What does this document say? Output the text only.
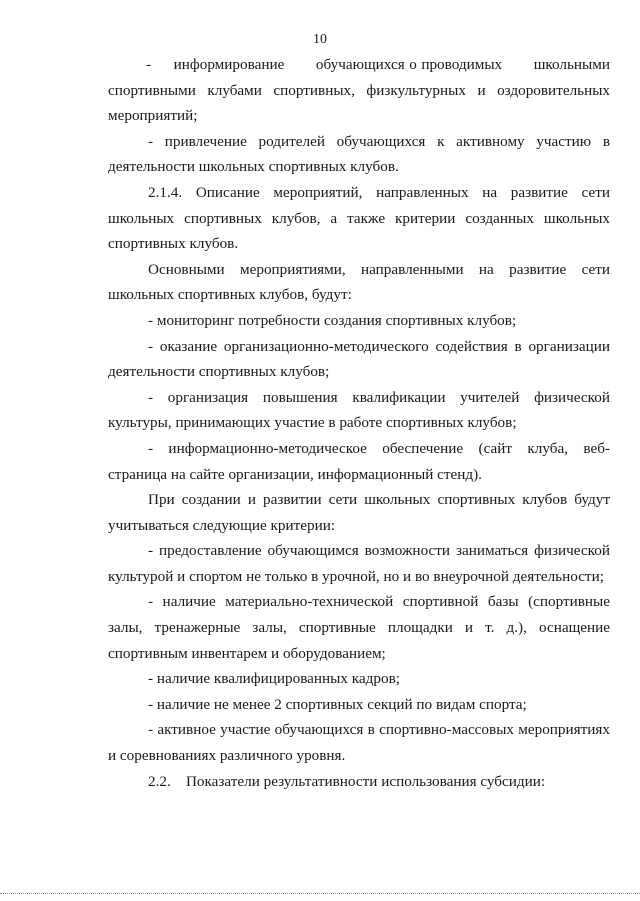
10

-     информирование       обучающихся о проводимых       школьными спортивными клубами спортивных, физкультурных и оздоровительных мероприятий;

- привлечение родителей обучающихся к активному участию в деятельности школьных спортивных клубов.

2.1.4. Описание мероприятий, направленных на развитие сети школьных спортивных клубов, а также критерии созданных школьных спортивных клубов.

Основными мероприятиями, направленными на развитие сети школьных спортивных клубов, будут:

- мониторинг потребности создания спортивных клубов;

- оказание организационно-методического содействия в организации деятельности спортивных клубов;

- организация повышения квалификации учителей физической культуры, принимающих участие в работе спортивных клубов;

- информационно-методическое обеспечение (сайт клуба, веб-страница на сайте организации, информационный стенд).

При создании и развитии сети школьных спортивных клубов будут учитываться следующие критерии:

- предоставление обучающимся возможности заниматься физической культурой и спортом не только в урочной, но и во внеурочной деятельности;

- наличие материально-технической спортивной базы (спортивные залы, тренажерные залы, спортивные площадки и т. д.), оснащение спортивным инвентарем и оборудованием;

- наличие квалифицированных кадров;

- наличие не менее 2 спортивных секций по видам спорта;

- активное участие обучающихся в спортивно-массовых мероприятиях и соревнованиях различного уровня.

2.2.    Показатели результативности использования субсидии:
